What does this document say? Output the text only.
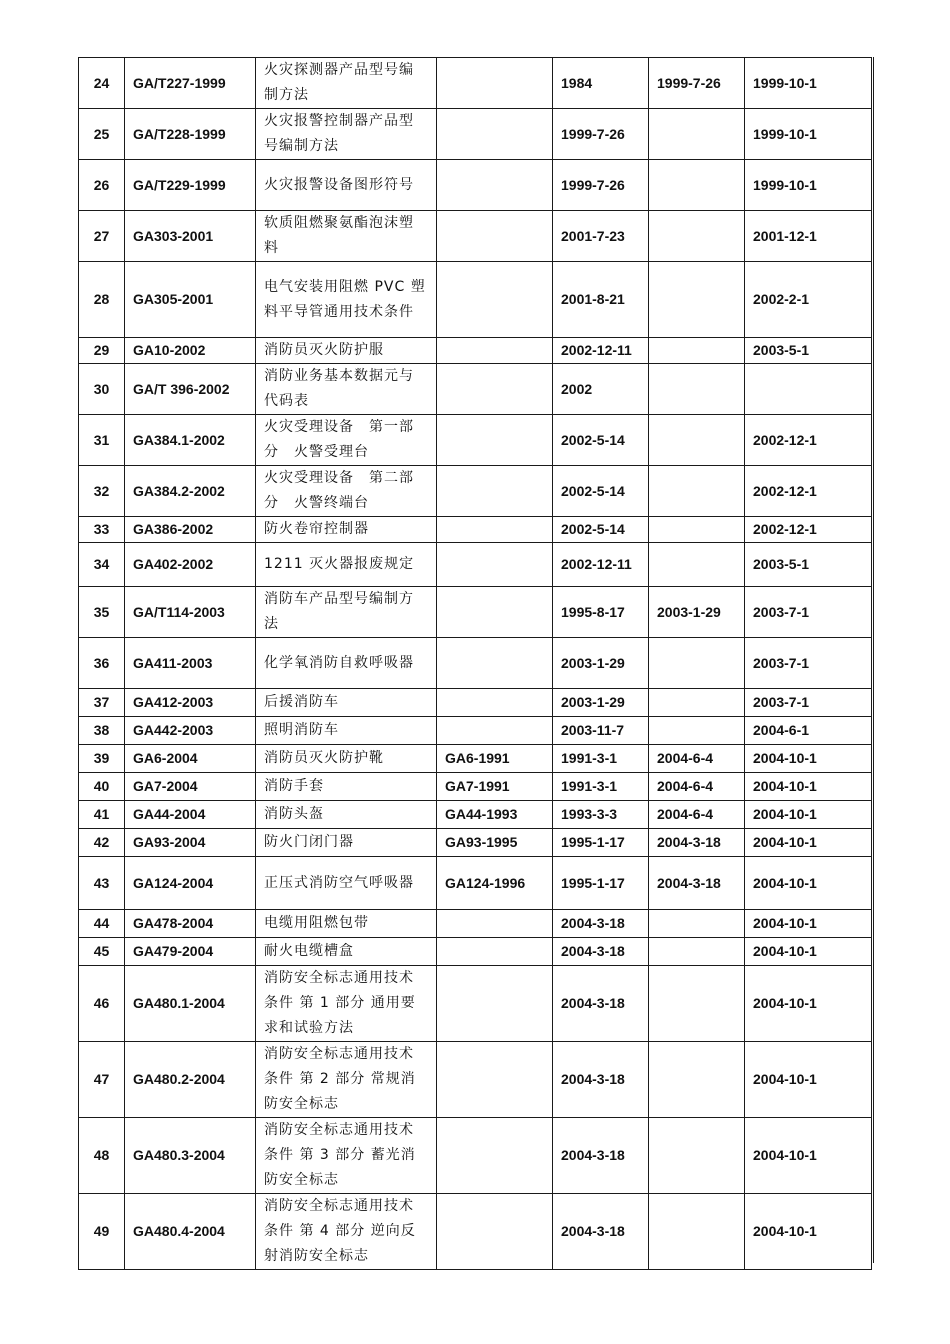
24	GA/T227-1999	火灾探测器产品型号编制方法		1984	1999-7-26	1999-10-1
25	GA/T228-1999	火灾报警控制器产品型号编制方法		1999-7-26		1999-10-1
26	GA/T229-1999	火灾报警设备图形符号		1999-7-26		1999-10-1
27	GA303-2001	软质阻燃聚氨酯泡沫塑料		2001-7-23		2001-12-1
28	GA305-2001	电气安装用阻燃 PVC 塑料平导管通用技术条件		2001-8-21		2002-2-1
29	GA10-2002	消防员灭火防护服		2002-12-11		2003-5-1
30	GA/T 396-2002	消防业务基本数据元与代码表		2002		
31	GA384.1-2002	火灾受理设备　第一部分　火警受理台		2002-5-14		2002-12-1
32	GA384.2-2002	火灾受理设备　第二部分　火警终端台		2002-5-14		2002-12-1
33	GA386-2002	防火卷帘控制器		2002-5-14		2002-12-1
34	GA402-2002	1211 灭火器报废规定		2002-12-11		2003-5-1
35	GA/T114-2003	消防车产品型号编制方法		1995-8-17	2003-1-29	2003-7-1
36	GA411-2003	化学氧消防自救呼吸器		2003-1-29		2003-7-1
37	GA412-2003	后援消防车		2003-1-29		2003-7-1
38	GA442-2003	照明消防车		2003-11-7		2004-6-1
39	GA6-2004	消防员灭火防护靴	GA6-1991	1991-3-1	2004-6-4	2004-10-1
40	GA7-2004	消防手套	GA7-1991	1991-3-1	2004-6-4	2004-10-1
41	GA44-2004	消防头盔	GA44-1993	1993-3-3	2004-6-4	2004-10-1
42	GA93-2004	防火门闭门器	GA93-1995	1995-1-17	2004-3-18	2004-10-1
43	GA124-2004	正压式消防空气呼吸器	GA124-1996	1995-1-17	2004-3-18	2004-10-1
44	GA478-2004	电缆用阻燃包带		2004-3-18		2004-10-1
45	GA479-2004	耐火电缆槽盒		2004-3-18		2004-10-1
46	GA480.1-2004	消防安全标志通用技术条件 第 1 部分 通用要求和试验方法		2004-3-18		2004-10-1
47	GA480.2-2004	消防安全标志通用技术条件 第 2 部分 常规消防安全标志		2004-3-18		2004-10-1
48	GA480.3-2004	消防安全标志通用技术条件 第 3 部分 蓄光消防安全标志		2004-3-18		2004-10-1
49	GA480.4-2004	消防安全标志通用技术条件 第 4 部分 逆向反射消防安全标志		2004-3-18		2004-10-1
